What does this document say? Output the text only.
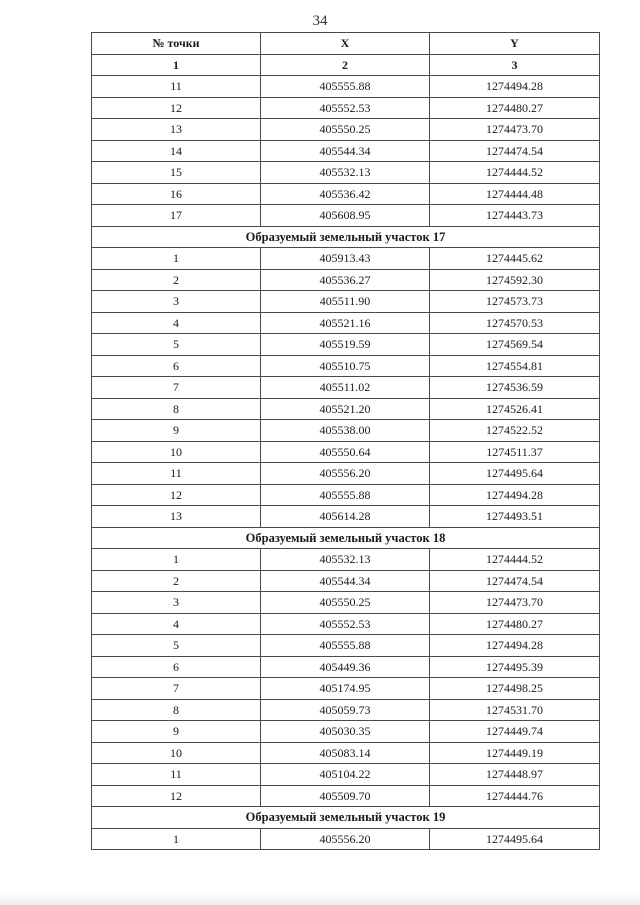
34
№ точки	X	Y
1	2	3
11	405555.88	1274494.28
12	405552.53	1274480.27
13	405550.25	1274473.70
14	405544.34	1274474.54
15	405532.13	1274444.52
16	405536.42	1274444.48
17	405608.95	1274443.73
Образуемый земельный участок 17		
1	405913.43	1274445.62
2	405536.27	1274592.30
3	405511.90	1274573.73
4	405521.16	1274570.53
5	405519.59	1274569.54
6	405510.75	1274554.81
7	405511.02	1274536.59
8	405521.20	1274526.41
9	405538.00	1274522.52
10	405550.64	1274511.37
11	405556.20	1274495.64
12	405555.88	1274494.28
13	405614.28	1274493.51
Образуемый земельный участок 18		
1	405532.13	1274444.52
2	405544.34	1274474.54
3	405550.25	1274473.70
4	405552.53	1274480.27
5	405555.88	1274494.28
6	405449.36	1274495.39
7	405174.95	1274498.25
8	405059.73	1274531.70
9	405030.35	1274449.74
10	405083.14	1274449.19
11	405104.22	1274448.97
12	405509.70	1274444.76
Образуемый земельный участок 19		
1	405556.20	1274495.64
